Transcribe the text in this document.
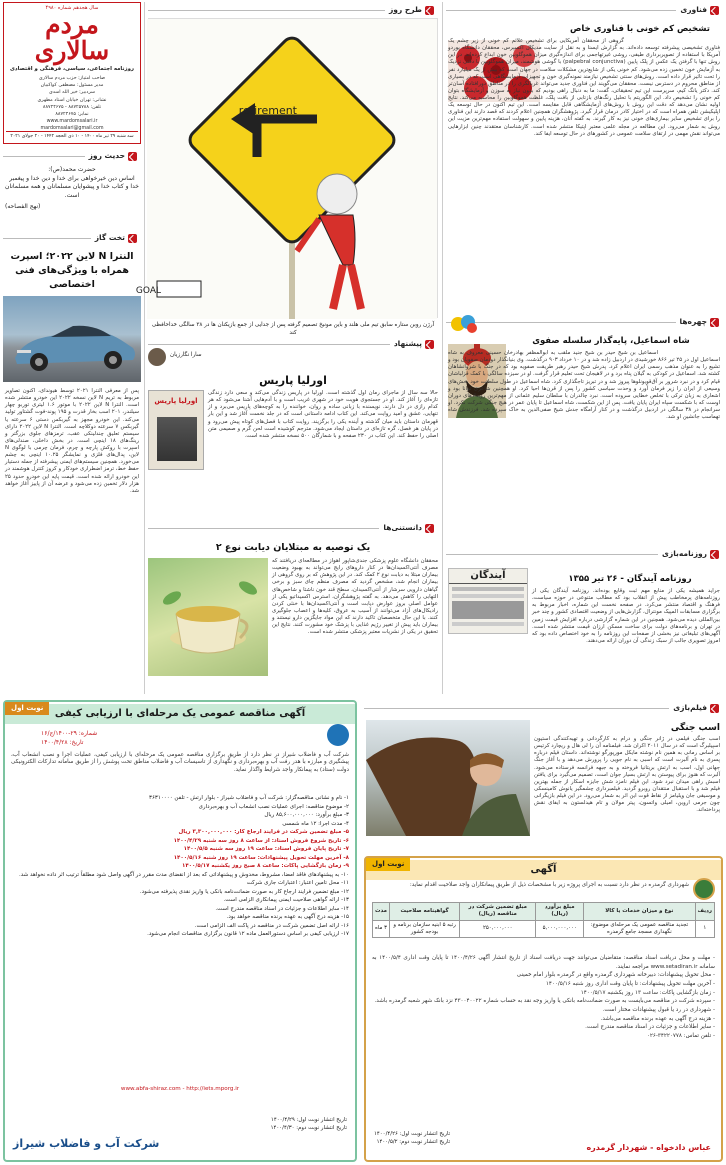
سال هجدهم شماره ۴۹۸۰
مردم سالاری
روزنامه اجتماعی، سیاسی، فرهنگی و اقتصادی
صاحب امتیاز: حزب مردم سالاری
مدیر مسئول: مصطفی کواکبیان
سردبیر: خیر الله اسدی
نشانی: تهران خیابان استاد مطهری
تلفن: ۸۸۷۲۵۷۸۸ - ۸۸۷۲۴۶۷۵
نمابر: ۸۸۷۲۴۶۷۵
www.mardomsalari.ir
mardomsalari@gmail.com
سه شنبه ۲۹ تیر ماه ۱۴۰۰ - ۱۰ ذی الحجه ۱۴۴۲ - ۲۰ جولای ۲۰۲۱
حدیث روز
حضرت محمد(ص):
اساس دین خیرخواهی برای خدا و دین خدا و پیغمبر خدا و کتاب خدا و پیشوایان مسلمانان و همه مسلمانان است.
(نهج الفصاحه)
تخت گاز
النترا N لاین ۲۰۲۲؛ اسپرت همراه با ویژگی‌های فنی اختصاصی
پس از معرفی النترا ۲۰۲۱ توسط هیوندای، اکنون تصاویر مربوط به تریم N لاین نسخه ۲۰۲۲ این خودرو منتشر شده است. النترا N لاین ۲۰۲۲ با موتور ۱.۶ لیتری توربو چهار سیلندر، ۲۰۱ اسب بخار قدرت و ۱۹۵ پوند-فوت گشتاور تولید می‌کند. این خودرو مجهز به گیربکس دستی ۶ سرعته یا گیربکس ۷ سرعته دوکلاچه است. النترا N لاین ۲۰۲۲ دارای سیستم تعلیق چندلینکی عقب، ترمزهای جلوی بزرگتر و رینگ‌های ۱۸ اینچی است. در بخش داخلی، صندلی‌های اسپرت با روکش پارچه و چرم، فرمان چرمی با لوگوی N لاین، پدال‌های فلزی و نمایشگر ۱۰.۲۵ اینچی به چشم می‌خورد. همچنین سیستم‌های ایمنی پیشرفته از جمله دستیار حفظ خط، ترمز اضطراری خودکار و کروز کنترل هوشمند در این خودرو ارائه شده است. قیمت پایه این خودرو حدود ۲۵ هزار دلار تخمین زده می‌شود و عرضه آن از پاییز آغاز خواهد شد.
طرح روز
retirement
GOAL
آرژن روبن ستاره سابق تیم ملی هلند و باین مونیخ تصمیم گرفته پس از جدایی از جمع بازیکنان ها در ۳۸ سالگی خداحافظی کند
پیشنهاد
سارا نگارزیان
اورلیا پاریس
اورليا پاريس
حالا سه سال از ماجرای رمان اول گذشته است. اورلیا در پاریس زندگی می‌کند و سعی دارد زندگی تازه‌ای را آغاز کند. او در جستجوی هویت خود در شهری غریب است و با آدم‌هایی آشنا می‌شود که هر کدام رازی در دل دارند. نویسنده با زبانی ساده و روان، خواننده را به کوچه‌های پاریس می‌برد و از تنهایی، عشق و امید روایت می‌کند. این کتاب ادامه داستانی است که در جلد نخست آغاز شد و این بار قهرمان داستان باید میان گذشته و آینده یکی را برگزیند. روایت کتاب با فصل‌های کوتاه پیش می‌رود و در پایان هر فصل، گره تازه‌ای در داستان ایجاد می‌شود. مترجم کوشیده است لحن گرم و صمیمی متن اصلی را حفظ کند. این کتاب در ۲۳۰ صفحه و با شمارگان ۵۰۰ نسخه منتشر شده است.
دانستنی‌ها
یک توصیه به مبتلایان دیابت نوع ۲
محققان دانشگاه علوم پزشکی جندی‌شاپور اهواز در مطالعه‌ای دریافتند که مصرف آنتی‌اکسیدان‌ها در کنار داروهای رایج می‌تواند به بهبود وضعیت بیماران مبتلا به دیابت نوع ۲ کمک کند. در این پژوهش که بر روی گروهی از بیماران انجام شد، مشخص گردید که مصرف منظم چای سبز و برخی گیاهان دارویی سرشار از آنتی‌اکسیدان، سطح قند خون ناشتا و شاخص‌های التهابی را کاهش می‌دهد. به گفته پژوهشگران، استرس اکسیداتیو یکی از عوامل اصلی بروز عوارض دیابت است و آنتی‌اکسیدان‌ها با خنثی کردن رادیکال‌های آزاد می‌توانند از آسیب به عروق، کلیه‌ها و اعصاب جلوگیری کنند. با این حال متخصصان تاکید دارند که این مواد جایگزین دارو نیستند و بیماران باید پیش از تغییر رژیم غذایی با پزشک خود مشورت کنند. نتایج این تحقیق در یکی از نشریات معتبر پزشکی منتشر شده است.
فناوری
تشخیص کم خونی با فناوری خاص
گروهی از محققان آمریکایی برای تشخیص علائم کم خونی از زیر چشم یک فناوری تشخیصی پیشرفته توسعه داده‌اند. به گزارش ایسنا و به نقل از سایت مدیکال اکسپرس، محققان دانشگاه پوردو آمریکا با استفاده از تصویربرداری طیفی، روشی غیرتهاجمی برای اندازه‌گیری میزان هموگلوبین خون ابداع کرده‌اند. در این روش تنها با گرفتن یک عکس از پلک پایین (palpebral conjunctiva) با گوشی هوشمند، میزان هموگلوبین با دقتی نزدیک به آزمایش خون تخمین زده می‌شود. کم خونی یکی از شایع‌ترین مشکلات سلامت در جهان است که بیش از یک میلیارد نفر را تحت تاثیر قرار داده است. روش‌های سنتی تشخیص نیازمند نمونه‌گیری خون و تجهیزات آزمایشگاهی است که در بسیاری از مناطق محروم در دسترس نیست. محققان می‌گویند این فناوری جدید می‌تواند غربالگری را در مناطق دورافتاده آسان‌تر کند. دکتر یانگ کیم، سرپرست این تیم تحقیقاتی، گفت: ما به دنبال راهی بودیم که بدون نیاز به سوزن و آزمایشگاه بتوان کم خونی را تشخیص داد. این الگوریتم با تحلیل رنگ‌های بازتابی از بافت پلک، غلظت هموگلوبین را محاسبه می‌کند. نتایج اولیه نشان می‌دهد که دقت این روش با روش‌های آزمایشگاهی قابل مقایسه است. این تیم اکنون در حال توسعه یک اپلیکیشن تلفن همراه است که در اختیار کادر درمان قرار گیرد. پژوهشگران همچنین اعلام کردند که قصد دارند این فناوری را برای تشخیص سایر بیماری‌های خونی نیز به کار گیرند. به گفته آنان، هزینه پایین و سهولت استفاده مهم‌ترین مزیت این روش به شمار می‌رود. این مطالعه در مجله علمی معتبر اپتیکا منتشر شده است. کارشناسان معتقدند چنین ابزارهایی می‌تواند نقش مهمی در ارتقای سلامت عمومی در کشورهای در حال توسعه ایفا کند.
چهره‌ها
شاه اسماعیل، پایه‌گذار سلسله صفوی
اسماعیل بن شیخ حیدر بن شیخ جنید ملقب به ابوالمظفر بهادرخان حسینی معروف به شاه اسماعیل اول در ۲۵ تیر ۸۶۶ خورشیدی در اردبیل زاده شد و در ۱۰ خرداد ۹۰۳ درگذشت. وی بنیانگذار دودمان صفویان بود و تشیع را به عنوان مذهب رسمی ایران اعلام کرد. پدرش شیخ حیدر رهبر طریقت صفویه بود که در جنگ با شروانشاهان کشته شد. اسماعیل در کودکی به گیلان پناه برد و در لاهیجان تحت تعلیم قرار گرفت. او در سیزده سالگی با کمک قزلباشان قیام کرد و در نبرد شرور بر آق‌قویونلوها پیروز شد و در تبریز تاجگذاری کرد. شاه اسماعیل در طول سلطنت خود بخش‌های وسیعی از ایران را زیر فرمان آورد و وحدت سیاسی کشور را پس از قرن‌ها احیا کرد. او همچنین شاعری توانا بود و اشعاری به زبان ترکی با تخلص خطایی سروده است. نبرد چالدران با سلطان سلیم عثمانی از مهم‌ترین رویدادهای دوران اوست که با شکست سپاه ایران پایان یافت. پس از این شکست، شاه اسماعیل تا پایان عمر در هیچ جنگی شرکت نکرد. او سرانجام در ۳۸ سالگی در اردبیل درگذشت و در کنار آرامگاه جدش شیخ صفی‌الدین به خاک سپرده شد. فرزندش شاه تهماسب جانشین او شد.
روزنامه‌بازی
روزنامه آیندگان - ۲۶ تیر ۱۳۵۵
آیندگان
جراید همیشه یکی از منابع مهم ثبت وقایع بوده‌اند. روزنامه آیندگان یکی از روزنامه‌های پرمخاطب پیش از انقلاب بود که مطالب متنوعی در حوزه سیاست، فرهنگ و اقتصاد منتشر می‌کرد. در صفحه نخست این شماره، اخبار مربوط به برگزاری مسابقات المپیک مونترال، گزارش‌هایی از وضعیت اقتصادی کشور و چند خبر بین‌المللی دیده می‌شود. همچنین در این شماره گزارشی درباره افزایش قیمت زمین در تهران و برنامه‌های دولت برای ساخت مسکن ارزان قیمت منتشر شده است. آگهی‌های تبلیغاتی نیز بخشی از صفحات این روزنامه را به خود اختصاص داده بود که امروز تصویری جالب از سبک زندگی آن دوران ارائه می‌دهند.
فیلم‌بازی
اسب جنگی
اسب جنگی فیلمی در ژانر جنگی و درام به کارگردانی و تهیه‌کنندگی استیون اسپیلبرگ است که در سال ۲۰۱۱ اکران شد. فیلمنامه آن را لی هال و ریچارد کرتیس بر اساس رمانی به همین نام نوشته مایکل مورپورگو نوشته‌اند. داستان فیلم درباره پسری به نام آلبرت است که اسبی به نام جویی را پرورش می‌دهد و با آغاز جنگ جهانی اول، اسب به ارتش بریتانیا فروخته و به جبهه فرانسه فرستاده می‌شود. آلبرت که هنوز برای پیوستن به ارتش بسیار جوان است، تصمیم می‌گیرد برای یافتن اسبش راهی میدان نبرد شود. این فیلم نامزد شش جایزه اسکار از جمله بهترین فیلم شد و با استقبال منتقدان روبرو گردید. فیلمبرداری چشمگیر یانوش کامینسکی و موسیقی جان ویلیامز از نقاط قوت این اثر به شمار می‌رود. در این فیلم بازیگرانی چون جرمی اروین، امیلی واتسون، پیتر مولان و تام هیدلستون به ایفای نقش پرداخته‌اند.
نوبت اول
آگهی مناقصه عمومی یک مرحله‌ای با ارزیابی کیفی
شماره: ۲۹-۱۴۰۰/ج/۱۶
تاریخ: ۱۴۰۰/۴/۲۸
شرکت آب و فاضلاب شیراز در نظر دارد از طریق برگزاری مناقصه عمومی یک مرحله‌ای با ارزیابی کیفی، عملیات اجرا و نصب انشعاب آب، پیشگیری و مبارزه با هدر رفت آب و بهره‌برداری و نگهداری از تاسیسات آب و فاضلاب مناطق تحت پوشش را از طریق سامانه تدارکات الکترونیکی دولت (ستاد) به پیمانکار واجد شرایط واگذار نماید.
۱- نام و نشانی مناقصه‌گزار: شرکت آب و فاضلاب شیراز - بلوار ارتش - تلفن ۳۶۳۱۰۰۰۰
۲- موضوع مناقصه: اجرای عملیات نصب انشعاب آب و بهره‌برداری
۳- مبلغ برآورد: ۸۵,۶۰۰,۰۰۰,۰۰۰ ریال
۴- مدت اجرا: ۱۲ ماه شمسی
۵- مبلغ تضمین شرکت در فرایند ارجاع کار: ۳,۳۰۰,۰۰۰,۰۰۰ ریال
۶- تاریخ شروع فروش اسناد: از ساعت ۸ روز سه شنبه ۱۴۰۰/۴/۲۹
۷- تاریخ پایان فروش اسناد: ساعت ۱۹ روز سه شنبه ۱۴۰۰/۵/۵
۸- آخرین مهلت تحویل پیشنهادات: ساعت ۱۹ روز شنبه ۱۴۰۰/۵/۱۶
۹- زمان بازگشایی پاکات: ساعت ۸ صبح روز یکشنبه ۱۴۰۰/۵/۱۷
۱۰- به پیشنهادهای فاقد امضا، مشروط، مخدوش و پیشنهاداتی که بعد از انقضای مدت مقرر در آگهی واصل شود مطلقاً ترتیب اثر داده نخواهد شد.
۱۱- محل تامین اعتبار: اعتبارات جاری شرکت
۱۲- مبلغ تضمین فرایند ارجاع کار به صورت ضمانت‌نامه بانکی یا واریز نقدی پذیرفته می‌شود.
۱۳- ارائه گواهی صلاحیت ایمنی پیمانکاری الزامی است.
۱۴- سایر اطلاعات و جزئیات در اسناد مناقصه مندرج است.
۱۵- هزینه درج آگهی به عهده برنده مناقصه خواهد بود.
۱۶- ارائه اصل تضمین شرکت در مناقصه در پاکت الف الزامی است.
۱۷- ارزیابی کیفی بر اساس دستورالعمل ماده ۱۲ قانون برگزاری مناقصات انجام می‌شود.
www.abfa-shiraz.com - http://iets.mporg.ir
تاریخ انتشار نوبت اول: ۱۴۰۰/۴/۲۹
تاریخ انتشار نوبت دوم: ۱۴۰۰/۴/۳۰
شرکت آب و فاضلاب شیراز
نوبت اول
آگهی
شهرداری گرمدره در نظر دارد نسبت به اجرای پروژه زیر با مشخصات ذیل از طریق پیمانکاران واجد صلاحیت اقدام نماید:
ردیف	نوع و میزان خدمات یا کالا	مبلغ برآورد (ریال)	مبلغ تضمین شرکت در مناقصه (ریال)	گواهینامه صلاحیت	مدت
۱	تجدید مناقصه عمومی یک مرحله‌ای موضوع: نگهداری مسجد جامع گرمدره	۵,۰۰۰,۰۰۰,۰۰۰	۲۵۰,۰۰۰,۰۰۰	رتبه ۵ ابنیه سازمان برنامه و بودجه کشور	۳ ماه
- مهلت و محل دریافت اسناد مناقصه: متقاضیان می‌توانند جهت دریافت اسناد از تاریخ انتشار آگهی ۱۴۰۰/۴/۲۶ تا پایان وقت اداری ۱۴۰۰/۵/۴ به سامانه www.setadiran.ir مراجعه نمایند.
- محل تحویل پیشنهادات: دبیرخانه شهرداری گرمدره واقع در گرمدره بلوار امام خمینی
- آخرین مهلت تحویل پیشنهادات: تا پایان وقت اداری روز شنبه ۱۴۰۰/۵/۱۶
- زمان بازگشایی پاکات: ساعت ۱۳ روز یکشنبه ۱۴۰۰/۵/۱۷
- سپرده شرکت در مناقصه می‌بایست به صورت ضمانت‌نامه بانکی یا واریز وجه نقد به حساب شماره ۴۳۰۰۴۰۰۲۲ نزد بانک شهر شعبه گرمدره باشد.
- شهرداری در رد یا قبول پیشنهادات مختار است.
- هزینه درج آگهی به عهده برنده مناقصه می‌باشد.
- سایر اطلاعات و جزئیات در اسناد مناقصه مندرج است.
- تلفن تماس: ۳۴۲۲۰۷۷۸-۰۲۶
تاریخ انتشار نوبت اول: ۱۴۰۰/۴/۲۶
تاریخ انتشار نوبت دوم: ۱۴۰۰/۵/۲
عباس دادخواه - شهردار گرمدره
